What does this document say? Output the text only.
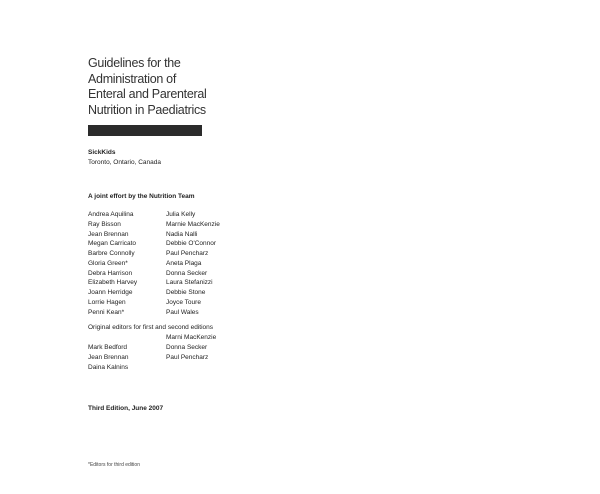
Guidelines for the
Administration of
Enteral and Parenteral
Nutrition in Paediatrics
SickKids
Toronto, Ontario, Canada
A joint effort by the Nutrition Team
Andrea Aquilina
Ray Bisson
Jean Brennan
Megan Carricato
Barbre Connolly
Gloria Green*
Debra Harrison
Elizabeth Harvey
Joann Herridge
Lorrie Hagen
Penni Kean*
Julia Kelly
Marnie MacKenzie
Nadia Nalli
Debbie O'Connor
Paul Pencharz
Aneta Plaga
Donna Secker
Laura Stefanizzi
Debbie Stone
Joyce Toure
Paul Wales
Original editors for first and second editions
Mark Bedford
Jean Brennan
Daina Kalnins
Marni MacKenzie
Donna Secker
Paul Pencharz
Third Edition, June 2007
*Editors for third edition
